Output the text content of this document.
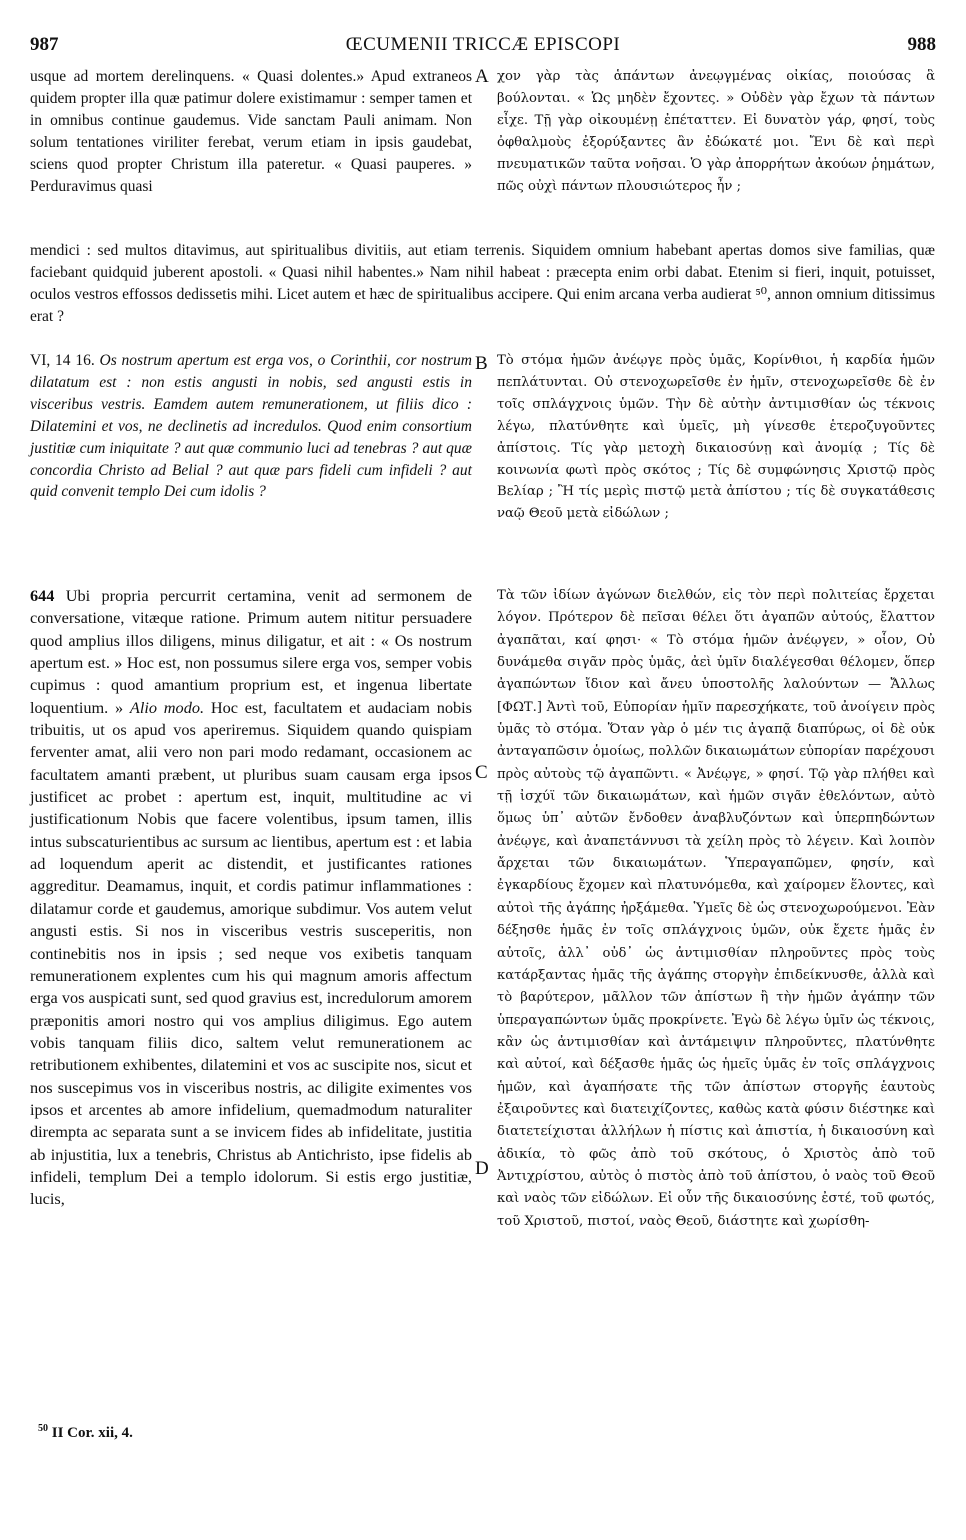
987	ŒCUMENII TRICCÆ EPISCOPI	988

usque ad mortem derelinquens. « Quasi dolentes.» Apud extraneos quidem propter illa quæ patimur dolere existimamur : semper tamen et in omnibus continue gaudemus. Vide sanctam Pauli animam. Non solum tentationes viriliter ferebat, verum etiam in ipsis gaudebat, sciens quod propter Christum illa pateretur. « Quasi pauperes. » Perduravimus quasi

A χον γὰρ τὰς ἁπάντων ἀνεῳγμένας οἰκίας, ποιούσας ἃ βούλονται. « Ὡς μηδὲν ἔχοντες. » Οὐδὲν γὰρ ἔχων τὰ πάντων εἶχε. Τῇ γὰρ οἰκουμένῃ ἐπέταττεν. Εἰ δυνατὸν γάρ, φησί, τοὺς ὀφθαλμοὺς ἐξορύξαντες ἂν ἐδώκατέ μοι. Ἔνι δὲ καὶ περὶ πνευματικῶν ταῦτα νοῆσαι. Ὁ γὰρ ἀπορρήτων ἀκούων ῥημάτων, πῶς οὐχὶ πάντων πλουσιώτερος ἦν ;

mendici : sed multos ditavimus, aut spiritualibus divitiis, aut etiam terrenis. Siquidem omnium habebant apertas domos sive familias, quæ faciebant quidquid juberent apostoli. « Quasi nihil habentes.» Nam nihil habeat : præcepta enim orbi dabat. Etenim si fieri, inquit, potuisset, oculos vestros effossos dedissetis mihi. Licet autem et hæc de spiritualibus accipere. Qui enim arcana verba audierat ⁵⁰, annon omnium ditissimus erat ?

VI, 14 16. Os nostrum apertum est erga vos, o Corinthii, cor nostrum dilatatum est : non estis angusti in nobis, sed angusti estis in visceribus vestris. Eamdem autem remunerationem, ut filiis dico : Dilatemini et vos, ne declinetis ad incredulos. Quod enim consortium justitiæ cum iniquitate ? aut quæ communio luci ad tenebras ? aut quæ concordia Christo ad Belial ? aut quæ pars fideli cum infideli ? aut quid convenit templo Dei cum idolis ?

B Τὸ στόμα ἡμῶν ἀνέῳγε πρὸς ὑμᾶς, Κορίνθιοι, ἡ καρδία ἡμῶν πεπλάτυνται. Οὐ στενοχωρεῖσθε ἐν ἡμῖν, στενοχωρεῖσθε δὲ ἐν τοῖς σπλάγχνοις ὑμῶν. Τὴν δὲ αὐτὴν ἀντιμισθίαν ὡς τέκνοις λέγω, πλατύνθητε καὶ ὑμεῖς, μὴ γίνεσθε ἑτεροζυγοῦντες ἀπίστοις. Τίς γὰρ μετοχὴ δικαιοσύνῃ καὶ ἀνομίᾳ ; Τίς δὲ κοινωνία φωτὶ πρὸς σκότος ; Τίς δὲ συμφώνησις Χριστῷ πρὸς Βελίαρ ; Ἢ τίς μερὶς πιστῷ μετὰ ἀπίστου ; τίς δὲ συγκατάθεσις ναῷ Θεοῦ μετὰ εἰδώλων ;

644 Ubi propria percurrit certamina, venit ad sermonem de conversatione, vitæque ratione. Primum autem nititur persuadere quod amplius illos diligens, minus diligatur, et ait : « Os nostrum apertum est. » Hoc est, non possumus silere erga vos, semper vobis cupimus : quod amantium proprium est, et ingenua libertate loquentium. » Alio modo. Hoc est, facultatem et audaciam nobis tribuitis, ut os apud vos aperiremus. Siquidem quando quispiam ferventer amat, alii vero non pari modo redamant, occasionem ac facultatem amanti præbent, ut pluribus suam causam erga ipsos justificet ac probet : apertum est, inquit, multitudine ac vi justificationum Nobis que facere volentibus, ipsum tamen, illis intus subscaturientibus ac sursum ac lientibus, apertum est : et labia ad loquendum aperit ac distendit, et justificantes rationes aggreditur. Deamamus, inquit, et cordis patimur inflammationes : dilatamur corde et gaudemus, amorique subdimur. Vos autem velut angusti estis. Si nos in visceribus vestris susceperitis, non continebitis nos in ipsis ; sed neque vos exibetis tanquam remunerationem explentes cum his qui magnum amoris affectum erga vos auspicati sunt, sed quod gravius est, incredulorum amorem præponitis amori nostro qui vos amplius diligimus. Ego autem vobis tanquam filiis dico, saltem velut remunerationem ac retributionem exhibentes, dilatemini et vos ac suscipite nos, sicut et nos suscepimus vos in visceribus nostris, ac diligite eximentes vos ipsos et arcentes ab amore infidelium, quemadmodum naturaliter dirempta ac separata sunt a se invicem fides ab infidelitate, justitia ab injustitia, lux a tenebris, Christus ab Antichristo, ipse fidelis ab infideli, templum Dei a templo idolorum. Si estis ergo justitiæ, lucis,

C
D

Τὰ τῶν ἰδίων ἀγώνων διελθών, εἰς τὸν περὶ πολιτείας ἔρχεται λόγον. Πρότερον δὲ πεῖσαι θέλει ὅτι ἀγαπῶν αὐτούς, ἔλαττον ἀγαπᾶται, καί φησι· « Τὸ στόμα ἡμῶν ἀνέῳγεν, » οἷον, Οὐ δυνάμεθα σιγᾶν πρὸς ὑμᾶς, ἀεὶ ὑμῖν διαλέγεσθαι θέλομεν, ὅπερ ἀγαπώντων ἴδιον καὶ ἄνευ ὑποστολῆς λαλούντων — Ἄλλως [ΦΩΤ.] Ἀντὶ τοῦ, Εὐπορίαν ἡμῖν παρεσχήκατε, τοῦ ἀνοίγειν πρὸς ὑμᾶς τὸ στόμα. Ὅταν γὰρ ὁ μέν τις ἀγαπᾷ διαπύρως, οἱ δὲ οὐκ ἀνταγαπῶσιν ὁμοίως, πολλῶν δικαιωμάτων εὐπορίαν παρέχουσι πρὸς αὐτοὺς τῷ ἀγαπῶντι. « Ἀνέῳγε, » φησί. Τῷ γὰρ πλήθει καὶ τῇ ἰσχύϊ τῶν δικαιωμάτων, καὶ ἡμῶν σιγᾶν ἐθελόντων, αὐτὸ ὅμως ὑπ᾽ αὐτῶν ἔνδοθεν ἀναβλυζόντων καὶ ὑπερπηδώντων ἀνέῳγε, καὶ ἀναπετάννυσι τὰ χείλη πρὸς τὸ λέγειν. Καὶ λοιπὸν ἄρχεται τῶν δικαιωμάτων. Ὑπεραγαπῶμεν, φησίν, καὶ ἐγκαρδίους ἔχομεν καὶ πλατυνόμεθα, καὶ χαίρομεν ἕλοντες, καὶ αὐτοὶ τῆς ἀγάπης ἠρξάμεθα. Ὑμεῖς δὲ ὡς στενοχωρούμενοι. Ἐὰν δέξησθε ἡμᾶς ἐν τοῖς σπλάγχνοις ὑμῶν, οὐκ ἔχετε ἡμᾶς ἐν αὐτοῖς, ἀλλ᾽ οὐδ᾽ ὡς ἀντιμισθίαν πληροῦντες πρὸς τοὺς κατάρξαντας ἡμᾶς τῆς ἀγάπης στοργὴν ἐπιδείκνυσθε, ἀλλὰ καὶ τὸ βαρύτερον, μᾶλλον τῶν ἀπίστων ἢ τὴν ἡμῶν ἀγάπην τῶν ὑπεραγαπώντων ὑμᾶς προκρίνετε. Ἐγὼ δὲ λέγω ὑμῖν ὡς τέκνοις, κἂν ὡς ἀντιμισθίαν καὶ ἀντάμειψιν πληροῦντες, πλατύνθητε καὶ αὐτοί, καὶ δέξασθε ἡμᾶς ὡς ἡμεῖς ὑμᾶς ἐν τοῖς σπλάγχνοις ἡμῶν, καὶ ἀγαπήσατε τῆς τῶν ἀπίστων στοργῆς ἑαυτοὺς ἐξαιροῦντες καὶ διατειχίζοντες, καθὼς κατὰ φύσιν διέστηκε καὶ διατετείχισται ἀλλήλων ἡ πίστις καὶ ἀπιστία, ἡ δικαιοσύνη καὶ ἀδικία, τὸ φῶς ἀπὸ τοῦ σκότους, ὁ Χριστὸς ἀπὸ τοῦ Ἀντιχρίστου, αὐτὸς ὁ πιστὸς ἀπὸ τοῦ ἀπίστου, ὁ ναὸς τοῦ Θεοῦ καὶ ναὸς τῶν εἰδώλων. Εἰ οὖν τῆς δικαιοσύνης ἐστέ, τοῦ φωτός, τοῦ Χριστοῦ, πιστοί, ναὸς Θεοῦ, διάστητε καὶ χωρίσθη-

$^{50}$ II Cor. xii, 4.
